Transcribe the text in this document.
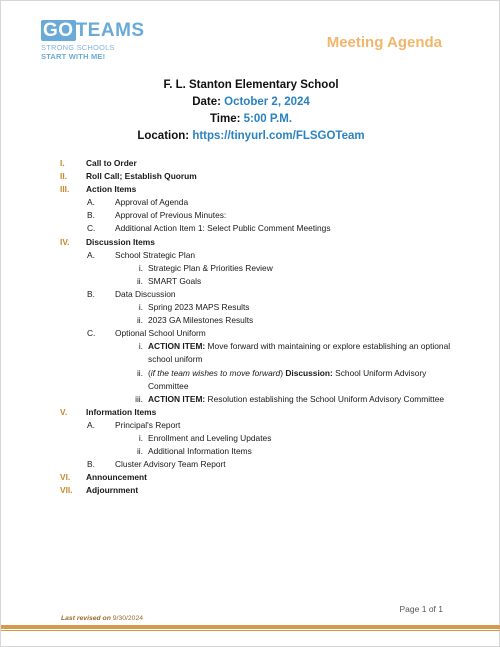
GO TEAMS
STRONG SCHOOLS
START WITH ME!
Meeting Agenda
F. L. Stanton Elementary School
Date: October 2, 2024
Time: 5:00 P.M.
Location: https://tinyurl.com/FLSGOTeam
I.	Call to Order
II. Roll Call; Establish Quorum
III. Action Items
A. Approval of Agenda
B. Approval of Previous Minutes:
C. Additional Action Item 1: Select Public Comment Meetings
IV. Discussion Items
A. School Strategic Plan
i. Strategic Plan & Priorities Review
ii. SMART Goals
B. Data Discussion
i. Spring 2023 MAPS Results
ii. 2023 GA Milestones Results
C. Optional School Uniform
i. ACTION ITEM: Move forward with maintaining or explore establishing an optional school uniform
ii. (if the team wishes to move forward) Discussion: School Uniform Advisory Committee
iii. ACTION ITEM: Resolution establishing the School Uniform Advisory Committee
V. Information Items
A. Principal's Report
i. Enrollment and Leveling Updates
ii. Additional Information Items
B. Cluster Advisory Team Report
VI. Announcement
VII. Adjournment
Page 1 of 1
Last revised on 9/30/2024
